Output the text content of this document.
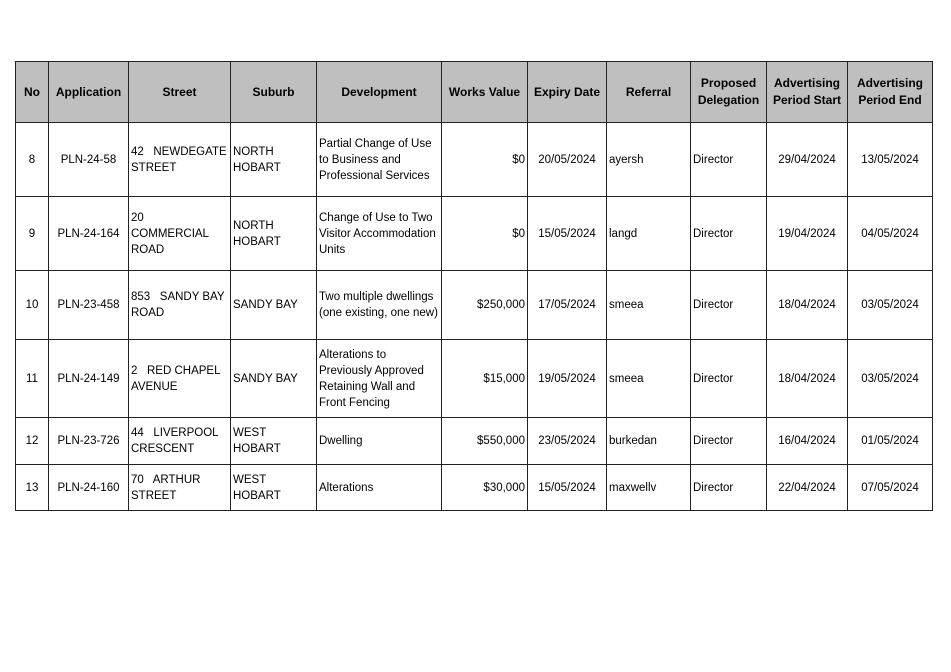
No	Application	Street	Suburb	Development	Works Value	Expiry Date	Referral	Proposed Delegation	Advertising Period Start	Advertising Period End
8	PLN-24-58	42   NEWDEGATE STREET	NORTH HOBART	Partial Change of Use to Business and Professional Services	$0	20/05/2024	ayersh	Director	29/04/2024	13/05/2024
9	PLN-24-164	20   COMMERCIAL ROAD	NORTH HOBART	Change of Use to Two Visitor Accommodation Units	$0	15/05/2024	langd	Director	19/04/2024	04/05/2024
10	PLN-23-458	853   SANDY BAY ROAD	SANDY BAY	Two multiple dwellings (one existing, one new)	$250,000	17/05/2024	smeea	Director	18/04/2024	03/05/2024
11	PLN-24-149	2   RED CHAPEL AVENUE	SANDY BAY	Alterations to Previously Approved Retaining Wall and Front Fencing	$15,000	19/05/2024	smeea	Director	18/04/2024	03/05/2024
12	PLN-23-726	44   LIVERPOOL CRESCENT	WEST HOBART	Dwelling	$550,000	23/05/2024	burkedan	Director	16/04/2024	01/05/2024
13	PLN-24-160	70   ARTHUR STREET	WEST HOBART	Alterations	$30,000	15/05/2024	maxwellv	Director	22/04/2024	07/05/2024
